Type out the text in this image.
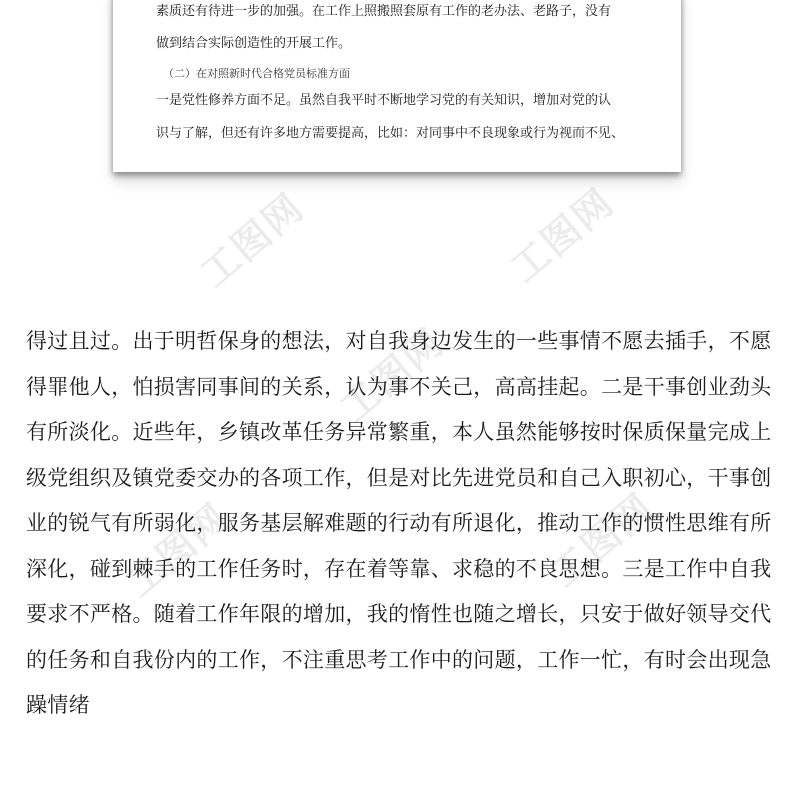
素质还有待进一步的加强。在工作上照搬照套原有工作的老办法、老路子，没有

做到结合实际创造性的开展工作。

（二）在对照新时代合格党员标准方面

一是党性修养方面不足。虽然自我平时不断地学习党的有关知识，增加对党的认

识与了解，但还有许多地方需要提高，比如：对同事中不良现象或行为视而不见、

工图网	工图网
工图网
工图网
工图网
得过且过。出于明哲保身的想法，对自我身边发生的一些事情不愿去插手，不愿
得罪他人，怕损害同事间的关系，认为事不关己，高高挂起。二是干事创业劲头
有所淡化。近些年，乡镇改革任务异常繁重，本人虽然能够按时保质保量完成上
级党组织及镇党委交办的各项工作，但是对比先进党员和自己入职初心，干事创
业的锐气有所弱化，服务基层解难题的行动有所退化，推动工作的惯性思维有所
深化，碰到棘手的工作任务时，存在着等靠、求稳的不良思想。三是工作中自我
要求不严格。随着工作年限的增加，我的惰性也随之增长，只安于做好领导交代
的任务和自我份内的工作，不注重思考工作中的问题，工作一忙，有时会出现急
躁情绪
